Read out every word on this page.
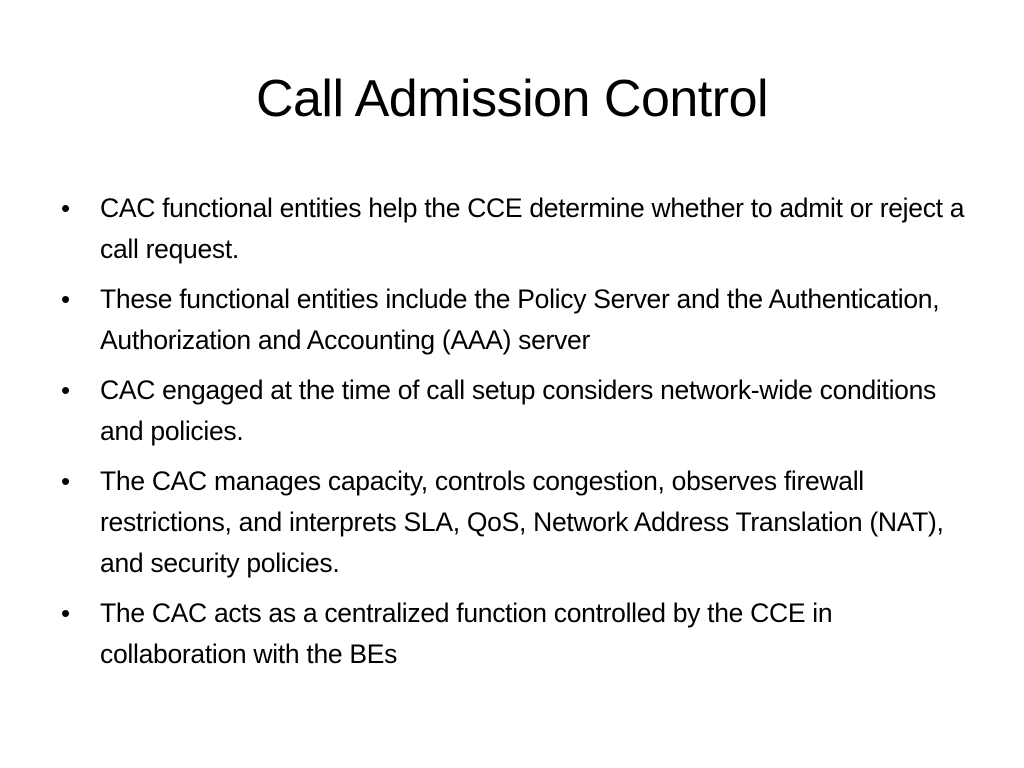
Call Admission Control
• CAC functional entities help the CCE determine whether to admit or reject a call request.
• These functional entities include the Policy Server and the Authentication, Authorization and Accounting (AAA) server
• CAC engaged at the time of call setup considers network-wide conditions and policies.
• The CAC manages capacity, controls congestion, observes firewall restrictions, and interprets SLA, QoS, Network Address Translation (NAT), and security policies.
• The CAC acts as a centralized function controlled by the CCE in collaboration with the BEs
